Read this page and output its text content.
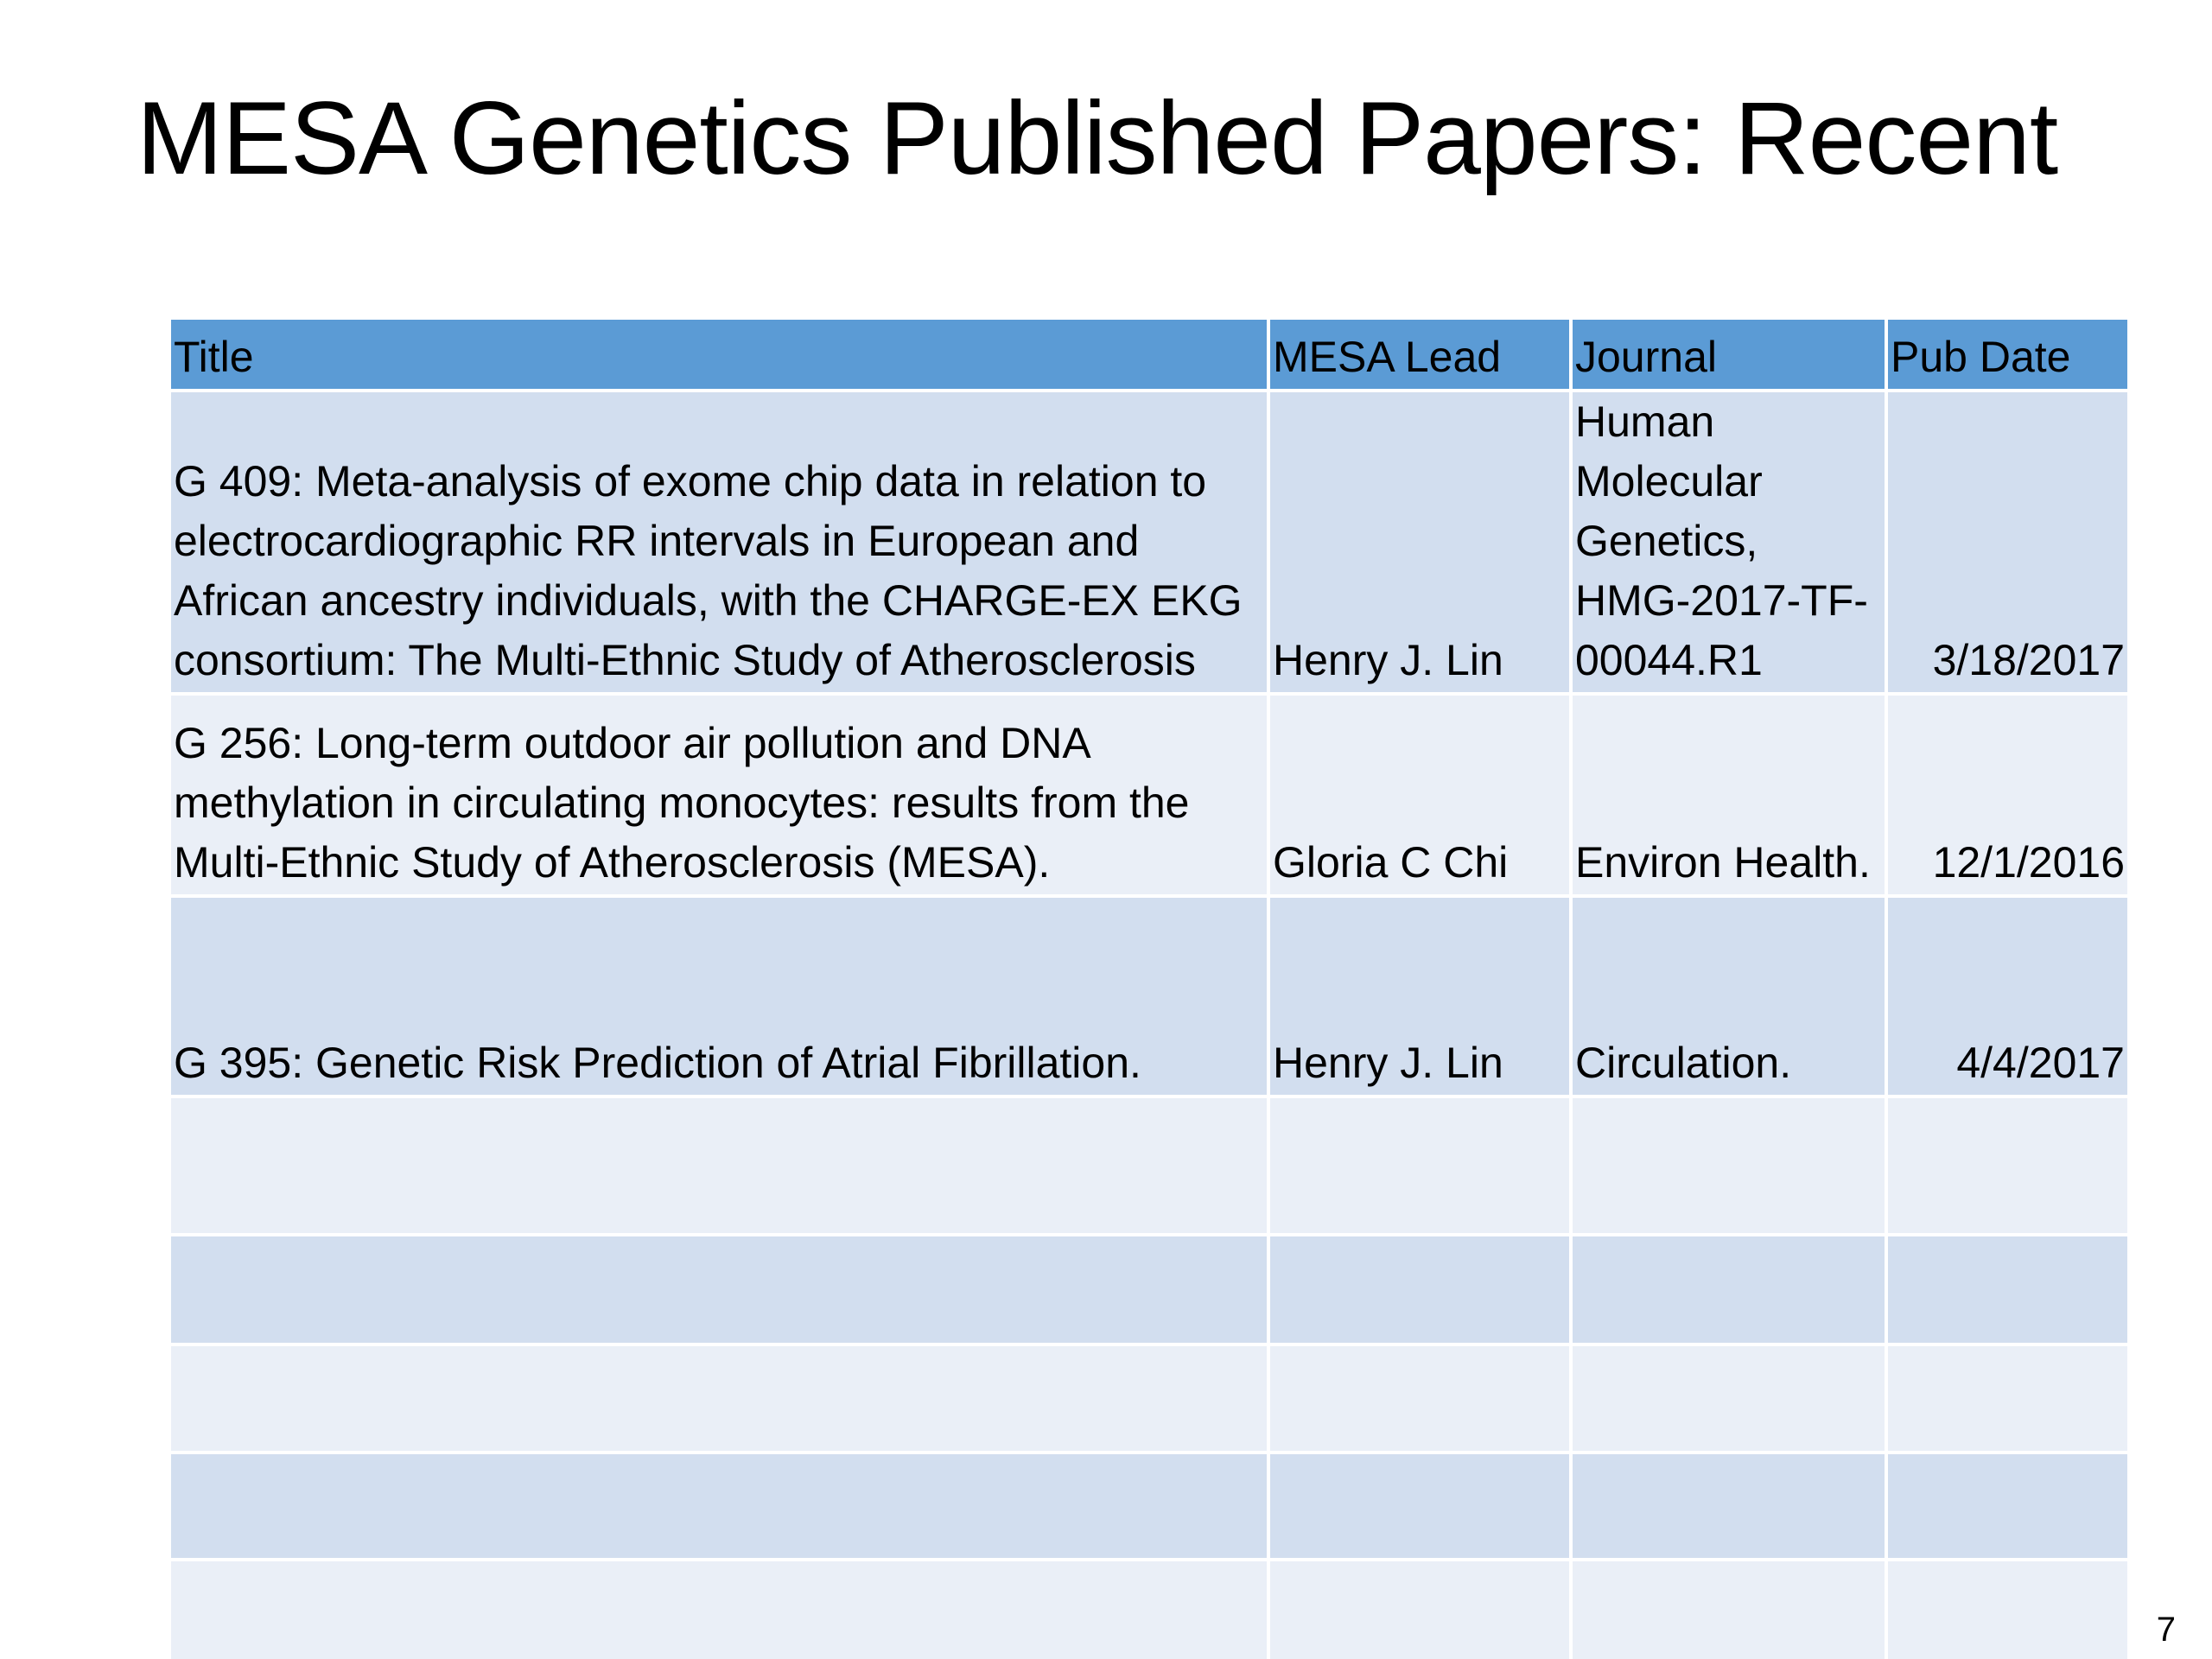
MESA Genetics Published Papers: Recent
Title	MESA Lead	Journal	Pub Date
G 409: Meta-analysis of exome chip data in relation to electrocardiographic RR intervals in European and African ancestry individuals, with the CHARGE-EX EKG consortium: The Multi-Ethnic Study of Atherosclerosis	Henry J. Lin	Human Molecular Genetics, HMG-2017-TF-00044.R1	3/18/2017
G 256: Long-term outdoor air pollution and DNA methylation in circulating monocytes: results from the Multi-Ethnic Study of Atherosclerosis (MESA).	Gloria C Chi	Environ Health.	12/1/2016
G 395: Genetic Risk Prediction of Atrial Fibrillation.	Henry J. Lin	Circulation.	4/4/2017

7
